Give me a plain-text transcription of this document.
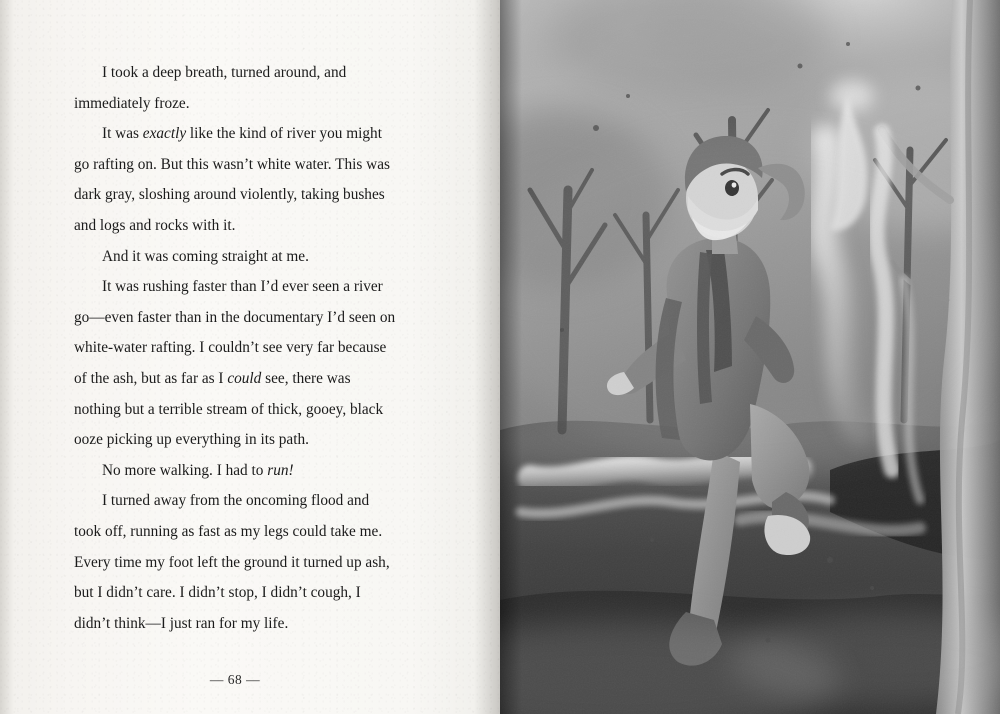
I took a deep breath, turned around, and immediately froze.

It was exactly like the kind of river you might go rafting on. But this wasn’t white water. This was dark gray, sloshing around violently, taking bushes and logs and rocks with it.

And it was coming straight at me.

It was rushing faster than I’d ever seen a river go—even faster than in the documentary I’d seen on white-water rafting. I couldn’t see very far because of the ash, but as far as I could see, there was nothing but a terrible stream of thick, gooey, black ooze picking up everything in its path.

No more walking. I had to run!

I turned away from the oncoming flood and took off, running as fast as my legs could take me. Every time my foot left the ground it turned up ash, but I didn’t care. I didn’t stop, I didn’t cough, I didn’t think—I just ran for my life.

— 68 —
